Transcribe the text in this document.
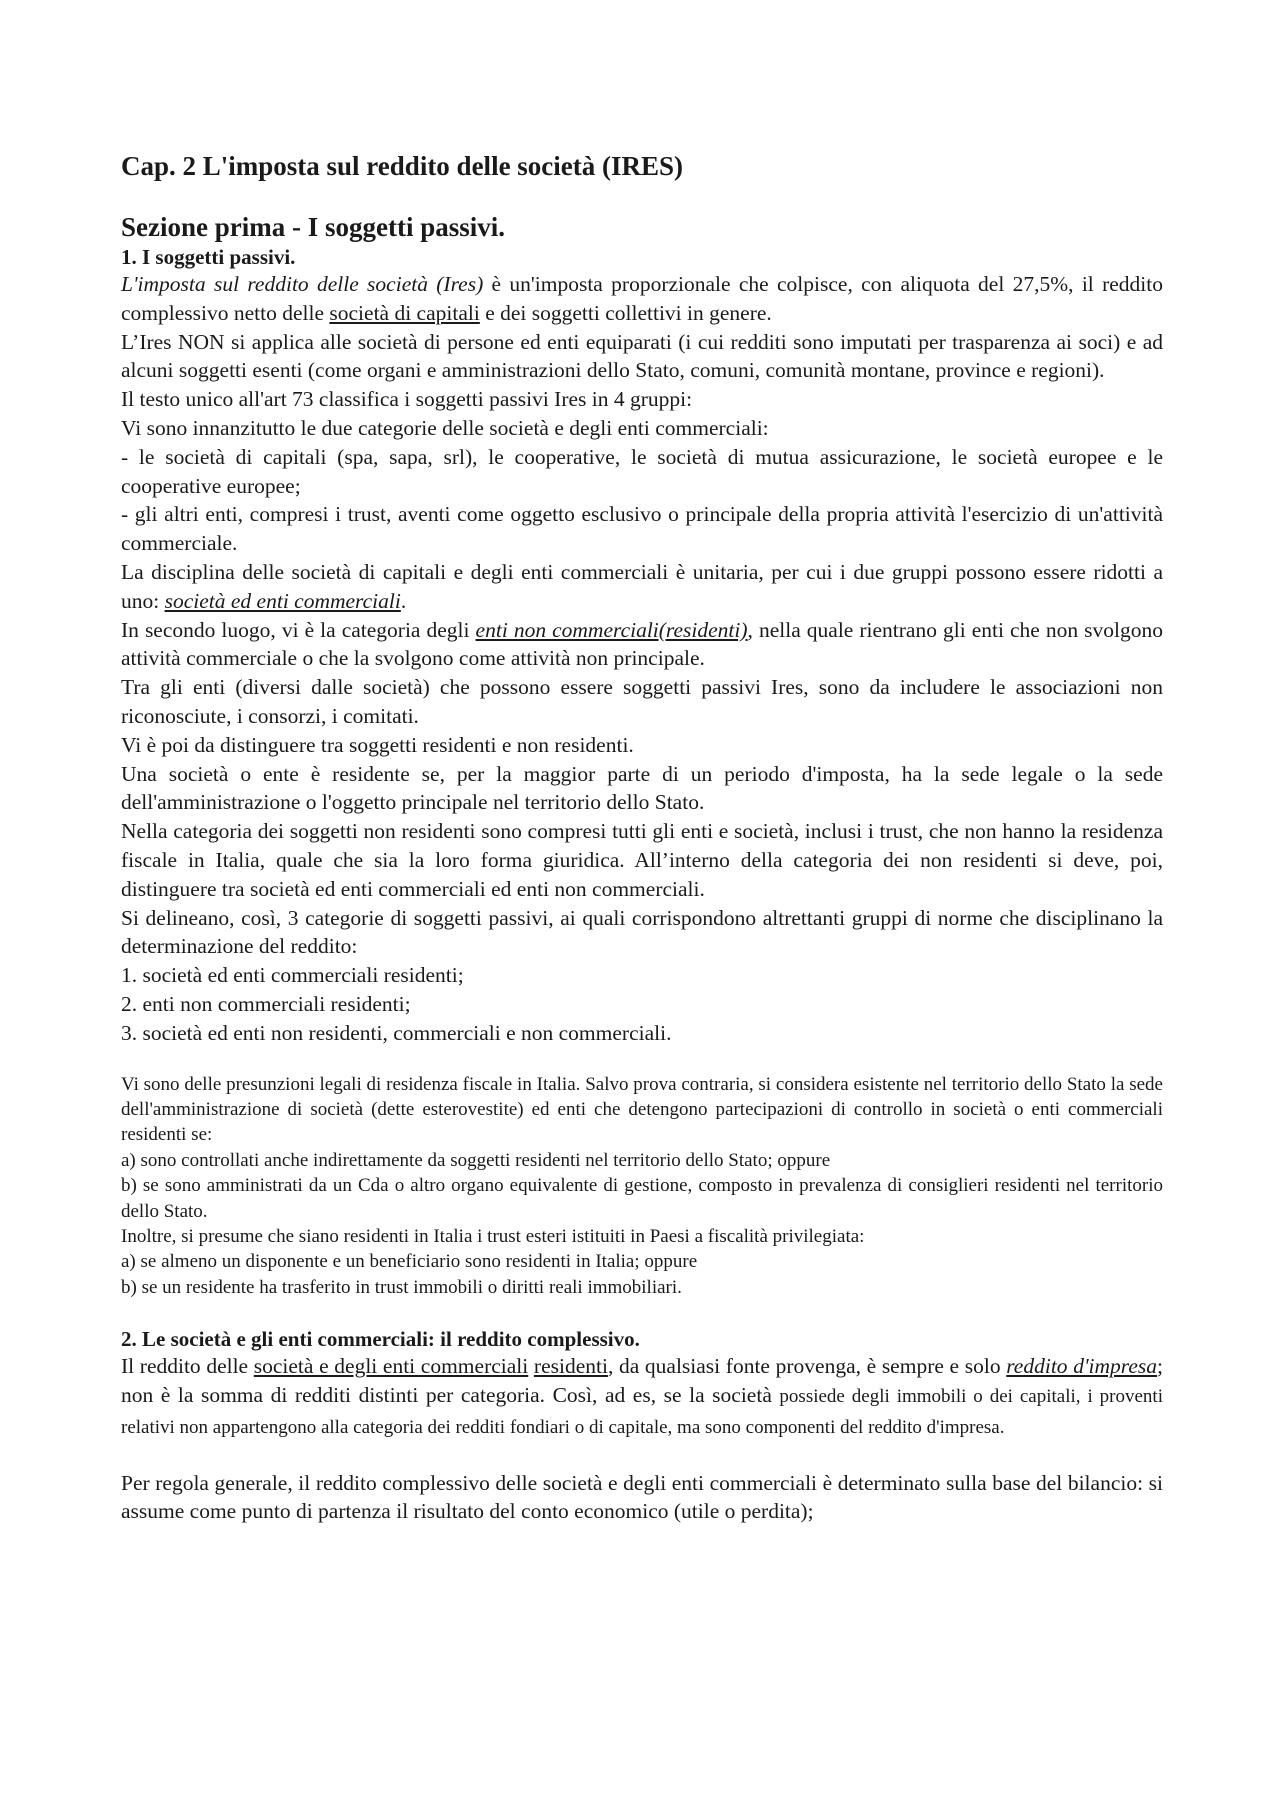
Cap. 2 L'imposta sul reddito delle società (IRES)
Sezione prima - I soggetti passivi.
1. I soggetti passivi.

L'imposta sul reddito delle società (Ires) è un'imposta proporzionale che colpisce, con aliquota del 27,5%, il reddito complessivo netto delle società di capitali e dei soggetti collettivi in genere.

L’Ires NON si applica alle società di persone ed enti equiparati (i cui redditi sono imputati per trasparenza ai soci) e ad alcuni soggetti esenti (come organi e amministrazioni dello Stato, comuni, comunità montane, province e regioni).

Il testo unico all'art 73 classifica i soggetti passivi Ires in 4 gruppi:

Vi sono innanzitutto le due categorie delle società e degli enti commerciali:

- le società di capitali (spa, sapa, srl), le cooperative, le società di mutua assicurazione, le società europee e le cooperative europee;

- gli altri enti, compresi i trust, aventi come oggetto esclusivo o principale della propria attività l'esercizio di un'attività commerciale.

La disciplina delle società di capitali e degli enti commerciali è unitaria, per cui i due gruppi possono essere ridotti a uno: società ed enti commerciali.

In secondo luogo, vi è la categoria degli enti non commerciali(residenti), nella quale rientrano gli enti che non svolgono attività commerciale o che la svolgono come attività non principale.

Tra gli enti (diversi dalle società) che possono essere soggetti passivi Ires, sono da includere le associazioni non riconosciute, i consorzi, i comitati.

Vi è poi da distinguere tra soggetti residenti e non residenti.

Una società o ente è residente se, per la maggior parte di un periodo d'imposta, ha la sede legale o la sede dell'amministrazione o l'oggetto principale nel territorio dello Stato.

Nella categoria dei soggetti non residenti sono compresi tutti gli enti e società, inclusi i trust, che non hanno la residenza fiscale in Italia, quale che sia la loro forma giuridica. All’interno della categoria dei non residenti si deve, poi, distinguere tra società ed enti commerciali ed enti non commerciali.

Si delineano, così, 3 categorie di soggetti passivi, ai quali corrispondono altrettanti gruppi di norme che disciplinano la determinazione del reddito:

1. società ed enti commerciali residenti;

2. enti non commerciali residenti;

3. società ed enti non residenti, commerciali e non commerciali.

Vi sono delle presunzioni legali di residenza fiscale in Italia. Salvo prova contraria, si considera esistente nel territorio dello Stato la sede dell'amministrazione di società (dette esterovestite) ed enti che detengono partecipazioni di controllo in società o enti commerciali residenti se:

a) sono controllati anche indirettamente da soggetti residenti nel territorio dello Stato; oppure

b) se sono amministrati da un Cda o altro organo equivalente di gestione, composto in prevalenza di consiglieri residenti nel territorio dello Stato.

Inoltre, si presume che siano residenti in Italia i trust esteri istituiti in Paesi a fiscalità privilegiata:

a) se almeno un disponente e un beneficiario sono residenti in Italia; oppure

b) se un residente ha trasferito in trust immobili o diritti reali immobiliari.

2. Le società e gli enti commerciali: il reddito complessivo.

Il reddito delle società e degli enti commerciali residenti, da qualsiasi fonte provenga, è sempre e solo reddito d'impresa; non è la somma di redditi distinti per categoria. Così, ad es, se la società possiede degli immobili o dei capitali, i proventi relativi non appartengono alla categoria dei redditi fondiari o di capitale, ma sono componenti del reddito d'impresa.

Per regola generale, il reddito complessivo delle società e degli enti commerciali è determinato sulla base del bilancio: si assume come punto di partenza il risultato del conto economico (utile o perdita);
